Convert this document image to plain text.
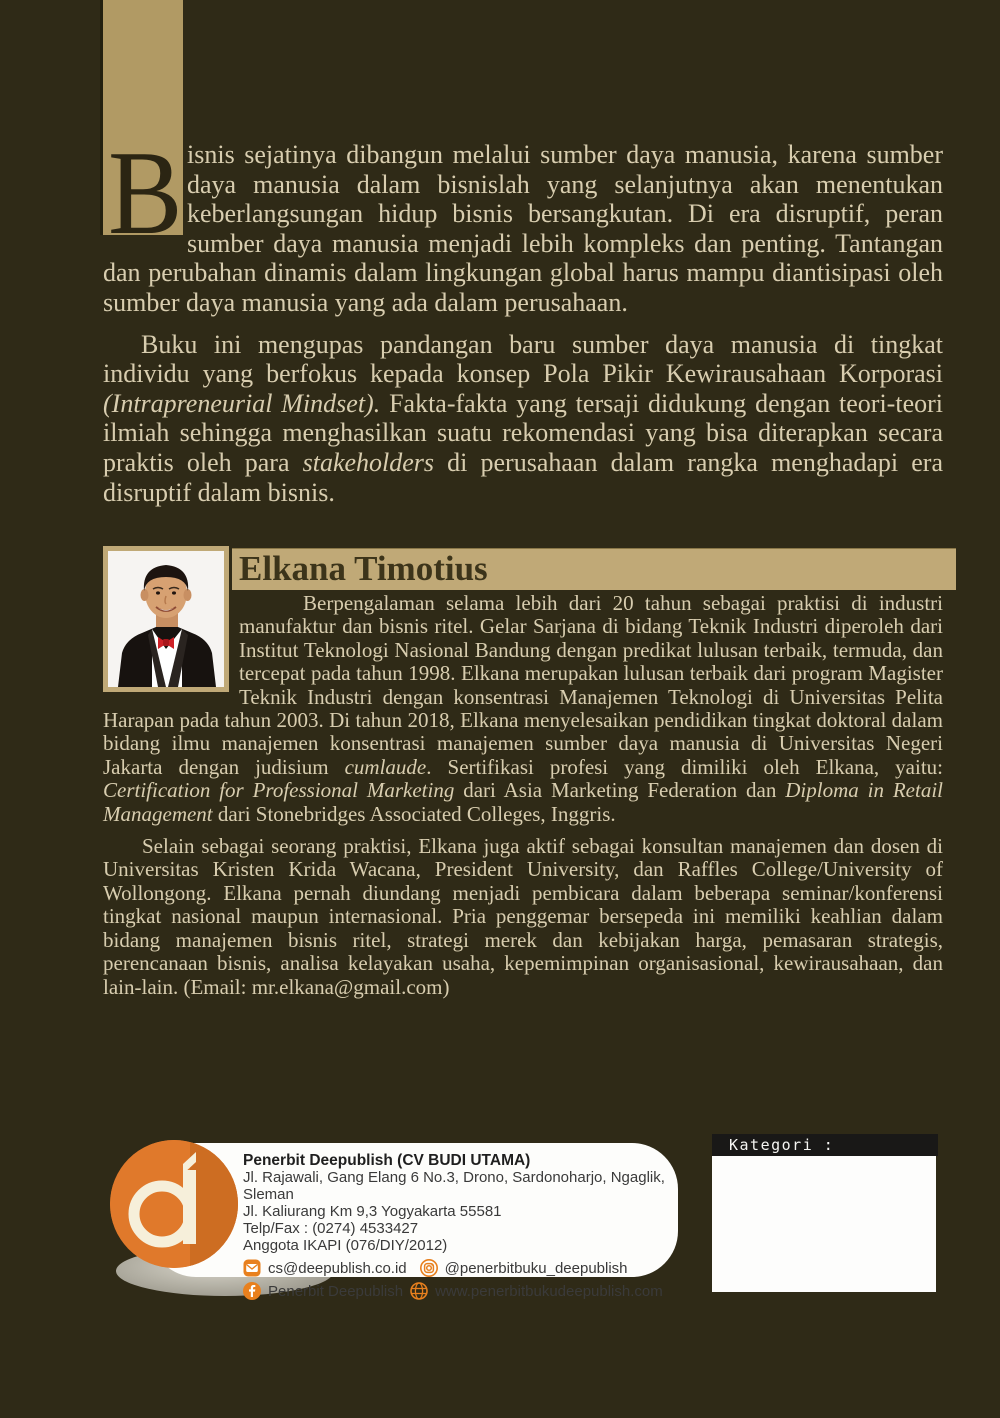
B isnis sejatinya dibangun melalui sumber daya manusia, karena sumber daya manusia dalam bisnislah yang selanjutnya akan menentukan keberlangsungan hidup bisnis bersangkutan. Di era disruptif, peran sumber daya manusia menjadi lebih kompleks dan penting. Tantangan dan perubahan dinamis dalam lingkungan global harus mampu diantisipasi oleh sumber daya manusia yang ada dalam perusahaan.

Buku ini mengupas pandangan baru sumber daya manusia di tingkat individu yang berfokus kepada konsep Pola Pikir Kewirausahaan Korporasi (Intrapreneurial Mindset). Fakta-fakta yang tersaji didukung dengan teori-teori ilmiah sehingga menghasilkan suatu rekomendasi yang bisa diterapkan secara praktis oleh para stakeholders di perusahaan dalam rangka menghadapi era disruptif dalam bisnis.

Elkana Timotius

Berpengalaman selama lebih dari 20 tahun sebagai praktisi di industri manufaktur dan bisnis ritel. Gelar Sarjana di bidang Teknik Industri diperoleh dari Institut Teknologi Nasional Bandung dengan predikat lulusan terbaik, termuda, dan tercepat pada tahun 1998. Elkana merupakan lulusan terbaik dari program Magister Teknik Industri dengan konsentrasi Manajemen Teknologi di Universitas Pelita Harapan pada tahun 2003. Di tahun 2018, Elkana menyelesaikan pendidikan tingkat doktoral dalam bidang ilmu manajemen konsentrasi manajemen sumber daya manusia di Universitas Negeri Jakarta dengan judisium cumlaude. Sertifikasi profesi yang dimiliki oleh Elkana, yaitu: Certification for Professional Marketing dari Asia Marketing Federation dan Diploma in Retail Management dari Stonebridges Associated Colleges, Inggris.

Selain sebagai seorang praktisi, Elkana juga aktif sebagai konsultan manajemen dan dosen di Universitas Kristen Krida Wacana, President University, dan Raffles College/University of Wollongong. Elkana pernah diundang menjadi pembicara dalam beberapa seminar/konferensi tingkat nasional maupun internasional. Pria penggemar bersepeda ini memiliki keahlian dalam bidang manajemen bisnis ritel, strategi merek dan kebijakan harga, pemasaran strategis, perencanaan bisnis, analisa kelayakan usaha, kepemimpinan organisasional, kewirausahaan, dan lain-lain. (Email: mr.elkana@gmail.com)

Penerbit Deepublish (CV BUDI UTAMA)
Jl. Rajawali, Gang Elang 6 No.3, Drono, Sardonoharjo, Ngaglik, Sleman
Jl. Kaliurang Km 9,3 Yogyakarta 55581
Telp/Fax : (0274) 4533427
Anggota IKAPI (076/DIY/2012)
cs@deepublish.co.id	@penerbitbuku_deepublish
Penerbit Deepublish www.penerbitbukudeepublish.com
Kategori :
